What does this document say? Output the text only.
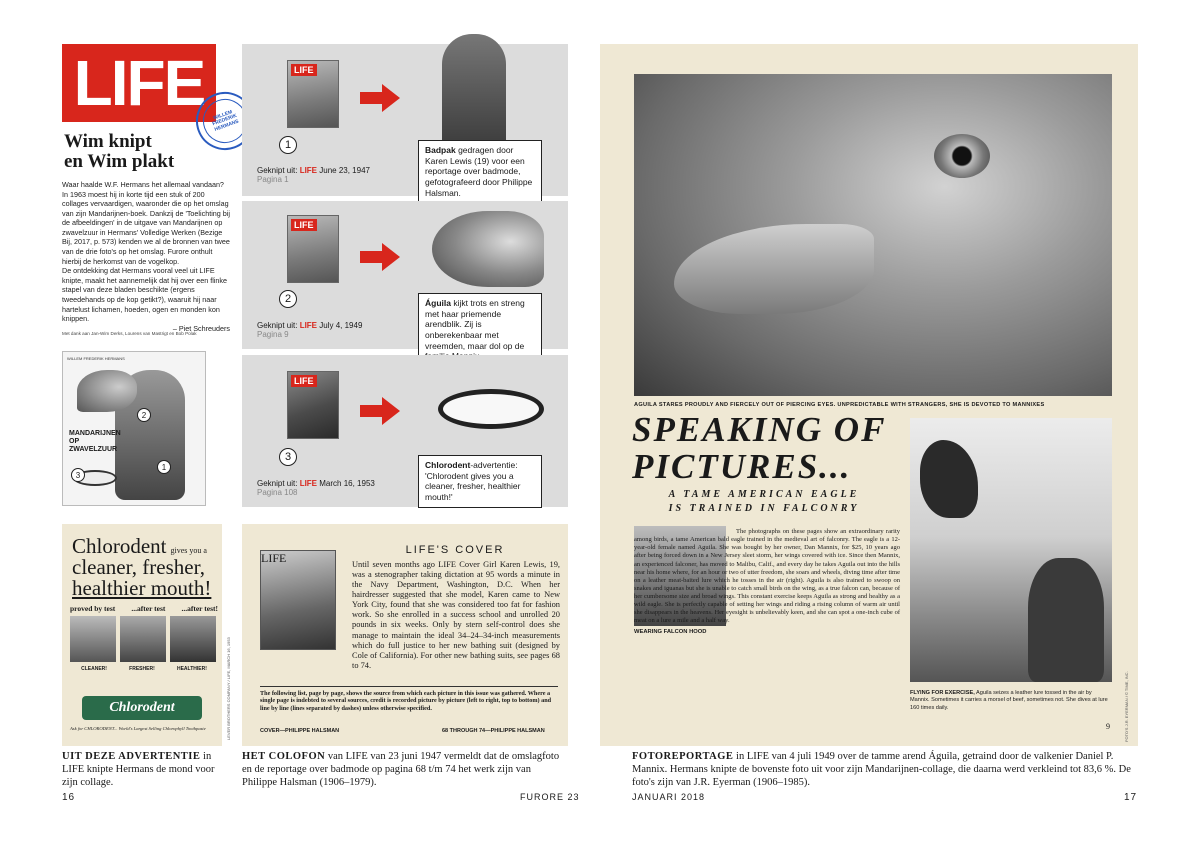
LIFE	WILLEM FREDERIK HERMANS
Wim knipt
en Wim plakt

Waar haalde W.F. Hermans het allemaal vandaan? In 1963 moest hij in korte tijd een stuk of 200 collages vervaardigen, waaronder die op het omslag van zijn Mandarijnen-boek. Dankzij de 'Toelichting bij de afbeeldingen' in de uitgave van Mandarijnen op zwavelzuur in Hermans' Volledige Werken (Bezige Bij, 2017, p. 573) kenden we al de bronnen van twee van de drie foto's op het omslag. Furore onthult hierbij de herkomst van de vogelkop.

De ontdekking dat Hermans vooral veel uit LIFE knipte, maakt het aannemelijk dat hij over een flinke stapel van deze bladen beschikte (ergens tweedehands op de kop getikt?), waaruit hij naar hartelust lichamen, hoeden, ogen en monden kon knippen.

– Piet Schreuders

Met dank aan Jan-Wim Derks, Lourens van Mastrigt en Bob Polak
WILLEM FREDERIK HERMANS
MANDARIJNEN
OP
ZWAVELZUUR
2
3
1
LIFE
1	Badpak gedragen door Karen Lewis (19) voor een reportage over badmode, gefotografeerd door Philippe Halsman.
Geknipt uit: LIFE June 23, 1947
Pagina 1
LIFE
2	Águila kijkt trots en streng met haar priemende arendblik. Zij is onberekenbaar met vreemden, maar dol op de
Geknipt uit: LIFE July 4, 1949
Pagina 9
LIFE
3
Chlorodent-advertentie: 'Chlorodent gives you a cleaner, fresher, healthier mouth!'
Geknipt uit: LIFE March 16, 1953
Pagina 108
Chlorodent gives you a
cleaner, fresher,
healthier mouth!
proved by test ...after test ...after test!
CLEANER!	FRESHER!	HEALTHIER!
Chlorodent
Ask for CHLORODENT... World's Largest Selling Chlorophyll Toothpaste	LEVER BROTHERS COMPANY / LIFE, MARCH 16, 1953
LIFE
LIFE'S COVER
Until seven months ago LIFE Cover Girl Karen Lewis, 19, was a stenographer taking dictation at 95 words a minute in the Navy Department, Washington, D.C. When her hairdresser suggested that she model, Karen came to New York City, found that she was considered too fat for fashion work. So she enrolled in a success school and unrolled 20 pounds in six weeks. Only by stern self-control does she manage to maintain the ideal 34–24–34-inch measurements which do full justice to her new bathing suit (designed by Cole of California). For other new bathing suits, see pages 68 to 74.
The following list, page by page, shows the source from which each picture in this issue was gathered. Where a single page is indebted to several sources, credit is recorded picture by picture (left to right, top to bottom) and line by line (lines separated by dashes) unless otherwise specified.
COVER—PHILIPPE HALSMAN	68 THROUGH 74—PHILIPPE HALSMAN
UIT DEZE ADVERTENTIE in LIFE knipte Hermans de mond voor zijn collage.
HET COLOFON van LIFE van 23 juni 1947 vermeldt dat de omslagfoto en de reportage over badmode op pagina 68 t/m 74 het werk zijn van Philippe Halsman (1906–1979).
16	FURORE 23
AGUILA STARES PROUDLY AND FIERCELY OUT OF PIERCING EYES. UNPREDICTABLE WITH STRANGERS, SHE IS DEVOTED TO MANNIXES
SPEAKING OF
PICTURES...
A TAME AMERICAN EAGLE
IS TRAINED IN FALCONRY
WEARING FALCON HOOD
The photographs on these pages show an extraordinary rarity among birds, a tame American bald eagle trained in the medieval art of falconry. The eagle is a 12-year-old female named Aguila. She was bought by her owner, Dan Mannix, for $25, 10 years ago after being forced down in a New Jersey sleet storm, her wings covered with ice. Since then Mannix, an experienced falconer, has moved to Malibu, Calif., and every day he takes Aguila out into the hills near his home where, for an hour or two of utter freedom, she soars and wheels, diving time after time on a leather meat-baited lure which he tosses in the air (right). Aguila is also trained to swoop on snakes and iguanas but she is unable to catch small birds on the wing, as a true falcon can, because of her cumbersome size and broad wings. This constant exercise keeps Aguila as strong and healthy as a wild eagle. She is perfectly capable of setting her wings and riding a rising column of warm air until she disappears in the heavens. Her eyesight is unbelievably keen, and she can spot a one-inch cube of meat on a lure a mile and a half way.
FLYING FOR EXERCISE, Aguila seizes a leather lure tossed in the air by Mannix. Sometimes it carries a morsel of beef, sometimes not. She dives at lure 160 times daily.	FOTO'S J.R. EYERMAN / © TIME, INC.
9
FOTOREPORTAGE in LIFE van 4 juli 1949 over de tamme arend Águila, getraind door de valkenier Daniel P. Mannix. Hermans knipte de bovenste foto uit voor zijn Mandarijnen-collage, die daarna werd verkleind tot 83,6 %. De foto's zijn van J.R. Eyerman (1906–1985).
JANUARI 2018	17
